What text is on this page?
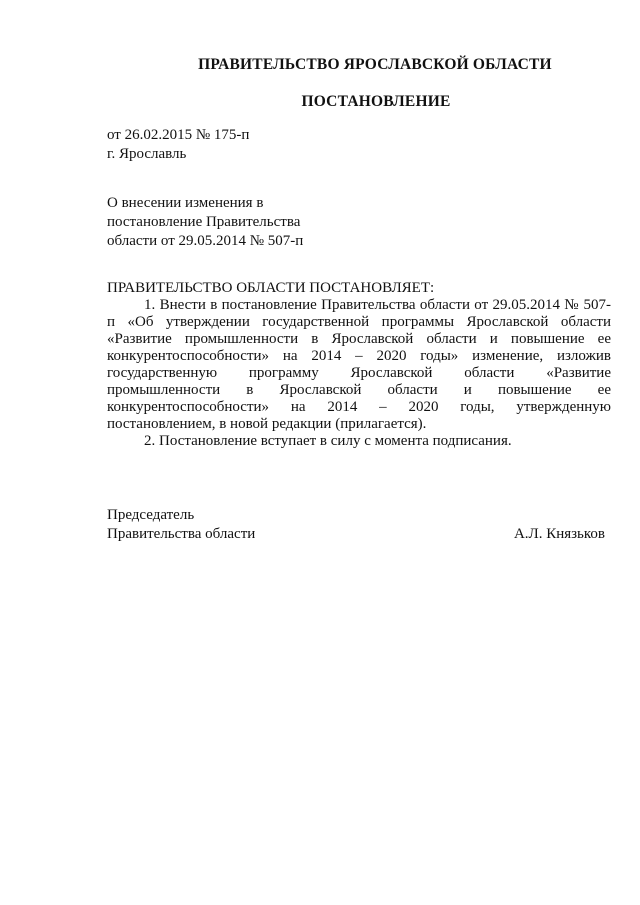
ПРАВИТЕЛЬСТВО ЯРОСЛАВСКОЙ ОБЛАСТИ
ПОСТАНОВЛЕНИЕ
от 26.02.2015 № 175-п
г. Ярославль
О внесении изменения в
постановление Правительства
области от 29.05.2014 № 507-п
ПРАВИТЕЛЬСТВО ОБЛАСТИ ПОСТАНОВЛЯЕТ:

1. Внести в постановление Правительства области от 29.05.2014 № 507-п «Об утверждении государственной программы Ярославской области «Развитие промышленности в Ярославской области и повышение ее конкурентоспособности» на 2014 – 2020 годы» изменение, изложив государственную программу Ярославской области «Развитие промышленности в Ярославской области и повышение ее конкурентоспособности» на 2014 – 2020 годы, утвержденную постановлением, в новой редакции (прилагается).

2. Постановление вступает в силу с момента подписания.

Председатель
Правительства области	А.Л. Князьков
